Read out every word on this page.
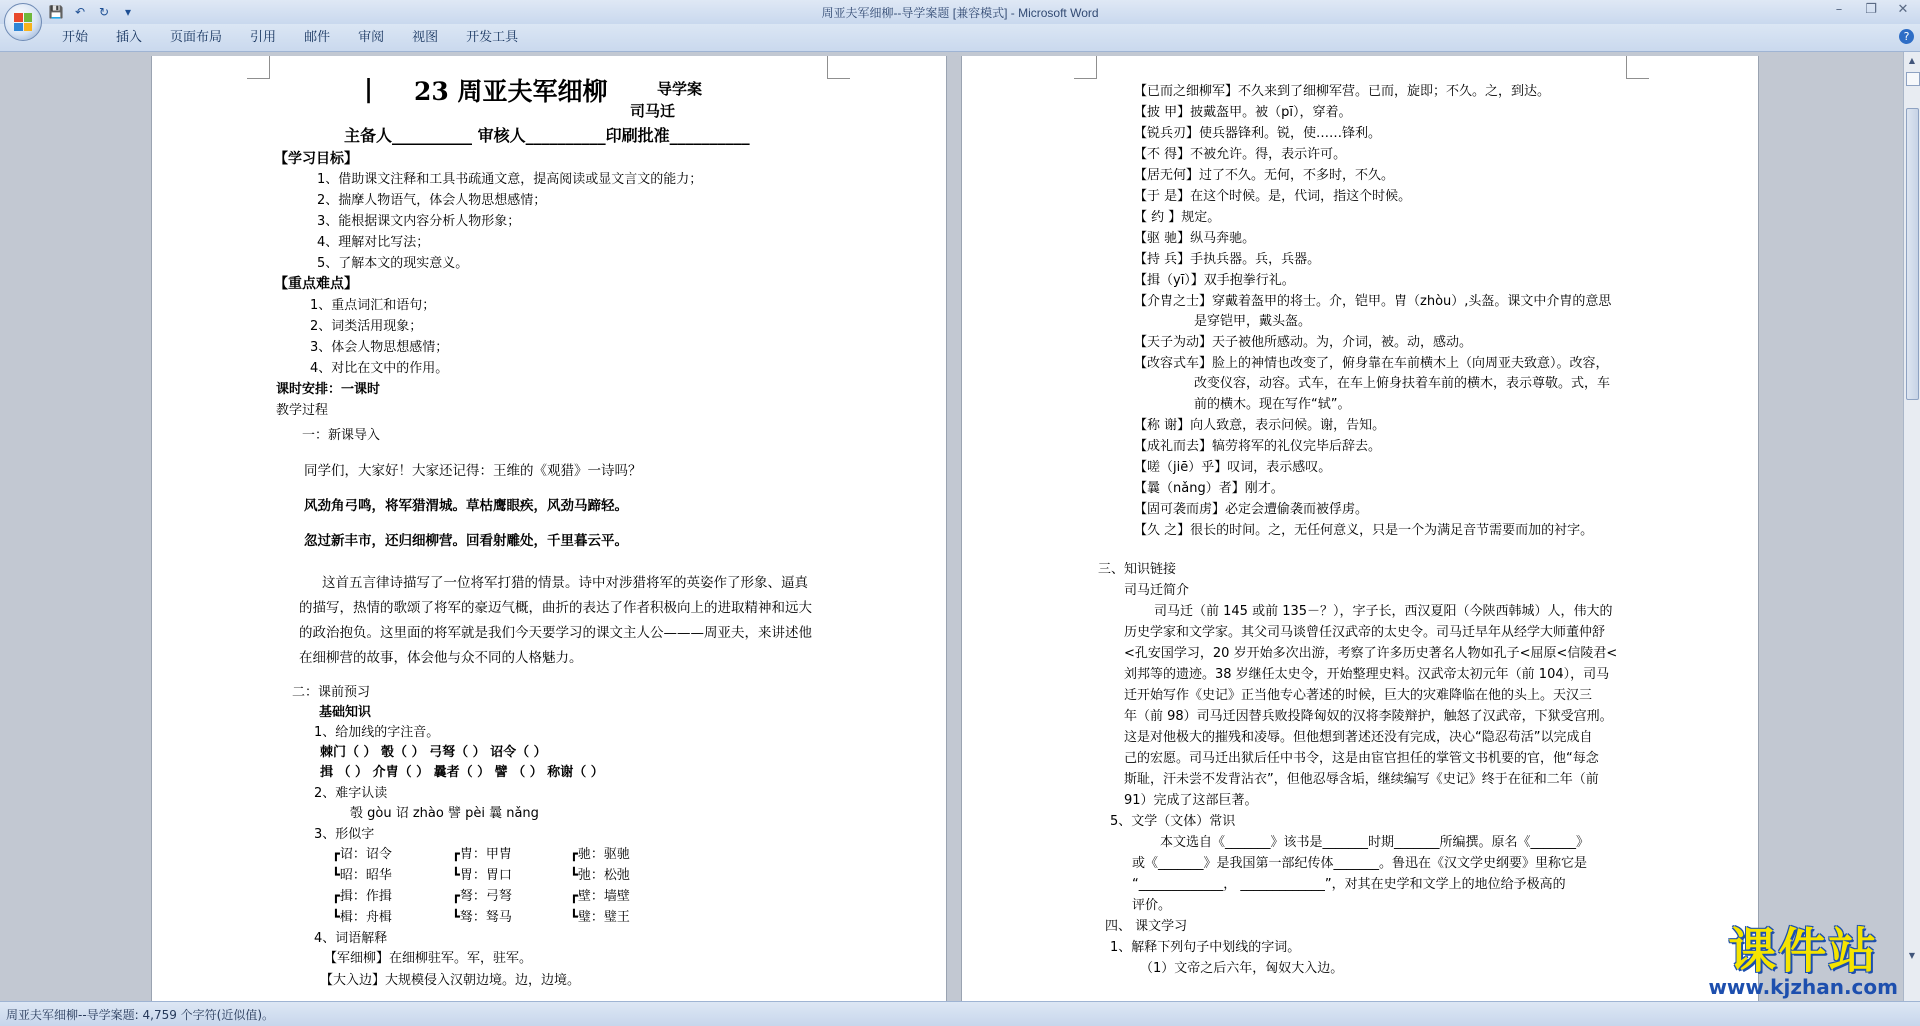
💾 ↶ ↻	▾	周亚夫军细柳--导学案题 [兼容模式] - Microsoft Word	–	❐ ✕
开始	插入	页面布局	引用	邮件	审阅	视图	开发工具	?
| 23 周亚夫军细柳	导学案
司马迁
主备人__________ 审核人__________印刷批准__________
【学习目标】
1、借助课文注释和工具书疏通文意，提高阅读或显文言文的能力；
2、揣摩人物语气，体会人物思想感情；
3、能根据课文内容分析人物形象；
4、理解对比写法；
5、了解本文的现实意义。
【重点难点】
1、重点词汇和语句；
2、词类活用现象；
3、体会人物思想感情；
4、对比在文中的作用。
课时安排：一课时
教学过程
一：新课导入
同学们，大家好！大家还记得：王维的《观猎》一诗吗？
风劲角弓鸣，将军猎渭城。草枯鹰眼疾，风劲马蹄轻。
忽过新丰市，还归细柳营。回看射雕处，千里暮云平。
这首五言律诗描写了一位将军打猎的情景。诗中对涉猎将军的英姿作了形象、逼真
的描写，热情的歌颂了将军的豪迈气概，曲折的表达了作者积极向上的进取精神和远大
的政治抱负。这里面的将军就是我们今天要学习的课文主人公———周亚夫，来讲述他
在细柳营的故事，体会他与众不同的人格魅力。
二：课前预习
基础知识
1、给加线的字注音。
棘门（ ） 彀（ ） 弓弩（ ） 诏令（ ）
揖 （ ） 介胄（ ） 曩者（ ） 譬 （ ） 称谢（ ）
2、难字认读
彀 gòu 诏 zhào 譬 pèi 曩 nǎng
3、形似字
┏诏：诏令	┏胄：甲胄	┏驰：驱驰
┗昭：昭华	┗胃：胃口	┗弛：松弛
┏揖：作揖	┏弩：弓弩	┏壁：墙壁
┗楫：舟楫	┗驽：驽马	┗璧：璧王
4、词语解释
【军细柳】在细柳驻军。军，驻军。
【大入边】大规模侵入汉朝边境。边，边境。
【已而之细柳军】不久来到了细柳军营。已而，旋即；不久。之，到达。
【披 甲】披戴盔甲。被（pī），穿着。
【锐兵刃】使兵器锋利。锐，使……锋利。
【不 得】不被允许。得，表示许可。
【居无何】过了不久。无何，不多时，不久。
【于 是】在这个时候。是，代词，指这个时候。
【 约 】规定。
【驱 驰】纵马奔驰。
【持 兵】手执兵器。兵，兵器。
【揖（yī）】双手抱拳行礼。
【介胄之士】穿戴着盔甲的将士。介，铠甲。胄（zhòu）,头盔。课文中介胄的意思
是穿铠甲，戴头盔。
【天子为动】天子被他所感动。为，介词，被。动，感动。
【改容式车】脸上的神情也改变了，俯身靠在车前横木上（向周亚夫致意）。改容，
改变仪容，动容。式车，在车上俯身扶着车前的横木，表示尊敬。式，车
前的横木。现在写作“轼”。
【称 谢】向人致意，表示问候。谢，告知。
【成礼而去】犒劳将军的礼仪完毕后辞去。
【嗟（jiē）乎】叹词，表示感叹。
【曩（nǎng）者】刚才。
【固可袭而虏】必定会遭偷袭而被俘虏。
【久 之】很长的时间。之，无任何意义，只是一个为满足音节需要而加的衬字。
三、知识链接
司马迁简介
司马迁（前 145 或前 135－？），字子长，西汉夏阳（今陕西韩城）人，伟大的
历史学家和文学家。其父司马谈曾任汉武帝的太史令。司马迁早年从经学大师董仲舒
<孔安国学习，20 岁开始多次出游，考察了许多历史著名人物如孔子<屈原<信陵君<
刘邦等的遗迹。38 岁继任太史令，开始整理史料。汉武帝太初元年（前 104），司马
迁开始写作《史记》正当他专心著述的时候，巨大的灾难降临在他的头上。天汉三
年（前 98）司马迁因替兵败投降匈奴的汉将李陵辩护，触怒了汉武帝，下狱受宫刑。
这是对他极大的摧残和凌辱。但他想到著述还没有完成，决心“隐忍苟活”以完成自
己的宏愿。司马迁出狱后任中书令，这是由宦官担任的掌管文书机要的官，他“每念
斯耻，汗未尝不发背沾衣”，但他忍辱含垢，继续编写《史记》终于在征和二年（前
91）完成了这部巨著。
5、文学（文体）常识
本文选自《_______》该书是_______时期_______所编撰。原名《_______》
或《_______》是我国第一部纪传体_______。鲁迅在《汉文学史纲要》里称它是
“_____________， _____________”，对其在史学和文学上的地位给予极高的
评价。
四、 课文学习
1、解释下列句子中划线的字词。
（1）文帝之后六年，匈奴大入边。
▲
▼
课件站
www.kjzhan.com
周亚夫军细柳--导学案题: 4,759 个字符(近似值)。
